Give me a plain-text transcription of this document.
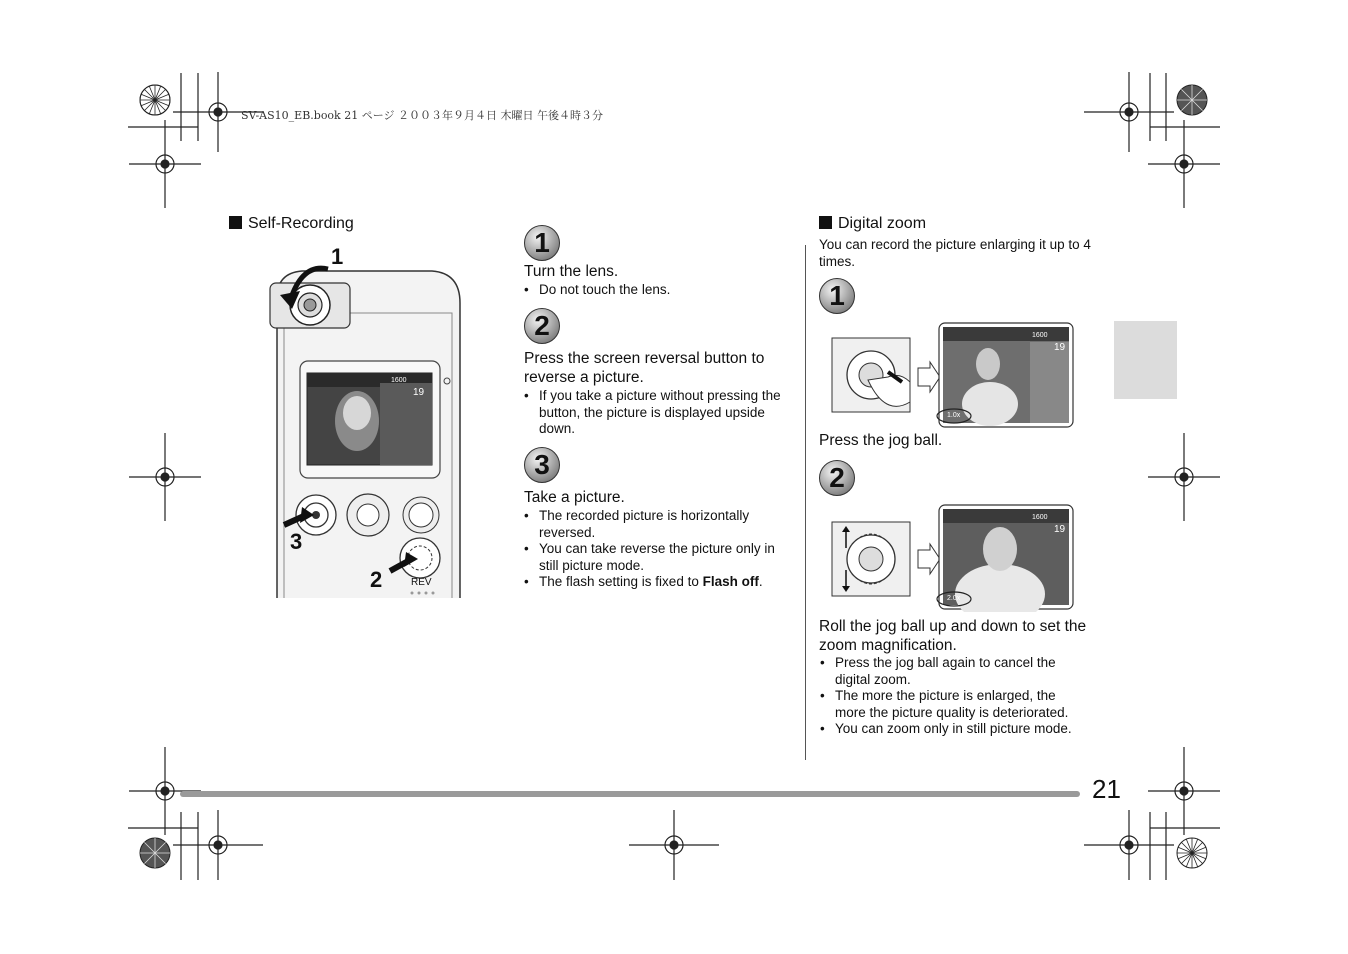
SV-AS10_EB.book 21 ページ ２００３年９月４日 木曜日 午後４時３分
Self-Recording
1
2
3
REV
1600
19
1
Turn the lens.
• Do not touch the lens.
2
Press the screen reversal button to reverse a picture.
• If you take a picture without pressing the button, the picture is displayed upside down.
3
Take a picture.
• The recorded picture is horizontally reversed.
• You can take reverse the picture only in still picture mode.
• The flash setting is fixed to Flash off.
Digital zoom
You can record the picture enlarging it up to 4 times.
1
1.0x
1600
19
Press the jog ball.
2
2.0x
1600
19
Roll the jog ball up and down to set the zoom magnification.
• Press the jog ball again to cancel the digital zoom.
• The more the picture is enlarged, the more the picture quality is deteriorated.
• You can zoom only in still picture mode.
21
